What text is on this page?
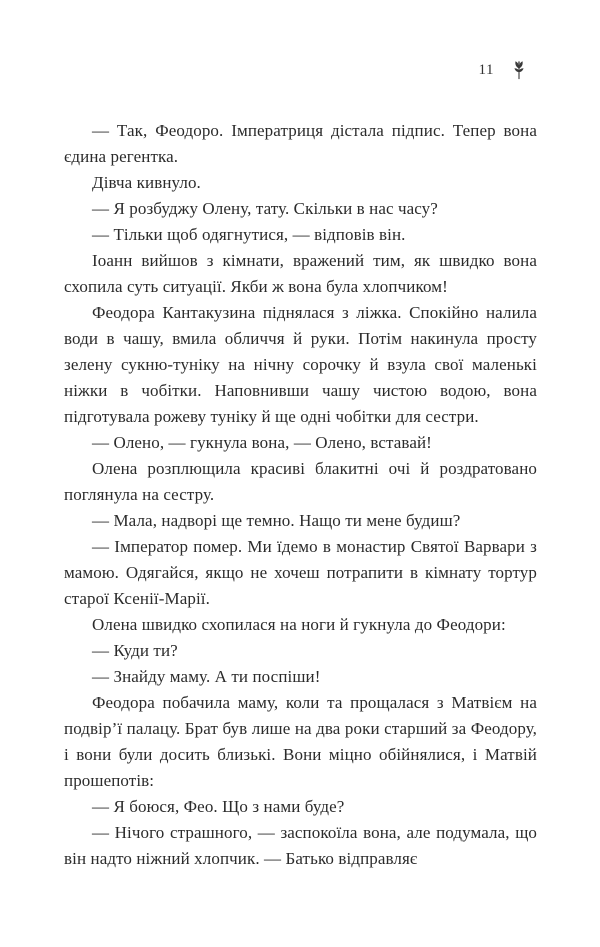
11

— Так, Феодоро. Імператриця дістала підпис. Тепер вона єдина регентка.

Дівча кивнуло.

— Я розбуджу Олену, тату. Скільки в нас часу?

— Тільки щоб одягнутися, — відповів він.

Іоанн вийшов з кімнати, вражений тим, як швидко вона схопила суть ситуації. Якби ж вона була хлопчиком!

Феодора Кантакузина піднялася з ліжка. Спокійно налила води в чашу, вмила обличчя й руки. Потім накинула просту зелену сукню-туніку на нічну сорочку й взула свої маленькі ніжки в чобітки. Наповнивши чашу чистою водою, вона підготувала рожеву туніку й ще одні чобітки для сестри.

— Олено, — гукнула вона, — Олено, вставай!

Олена розплющила красиві блакитні очі й роздратовано поглянула на сестру.

— Мала, надворі ще темно. Нащо ти мене будиш?

— Імператор помер. Ми їдемо в монастир Святої Варвари з мамою. Одягайся, якщо не хочеш потрапити в кімнату тортур старої Ксенії-Марії.

Олена швидко схопилася на ноги й гукнула до Феодори:

— Куди ти?

— Знайду маму. А ти поспіши!

Феодора побачила маму, коли та прощалася з Матвієм на подвір’ї палацу. Брат був лише на два роки старший за Феодору, і вони були досить близькі. Вони міцно обійнялися, і Матвій прошепотів:

— Я боюся, Фео. Що з нами буде?

— Нічого страшного, — заспокоїла вона, але подумала, що він надто ніжний хлопчик. — Батько відправляє
